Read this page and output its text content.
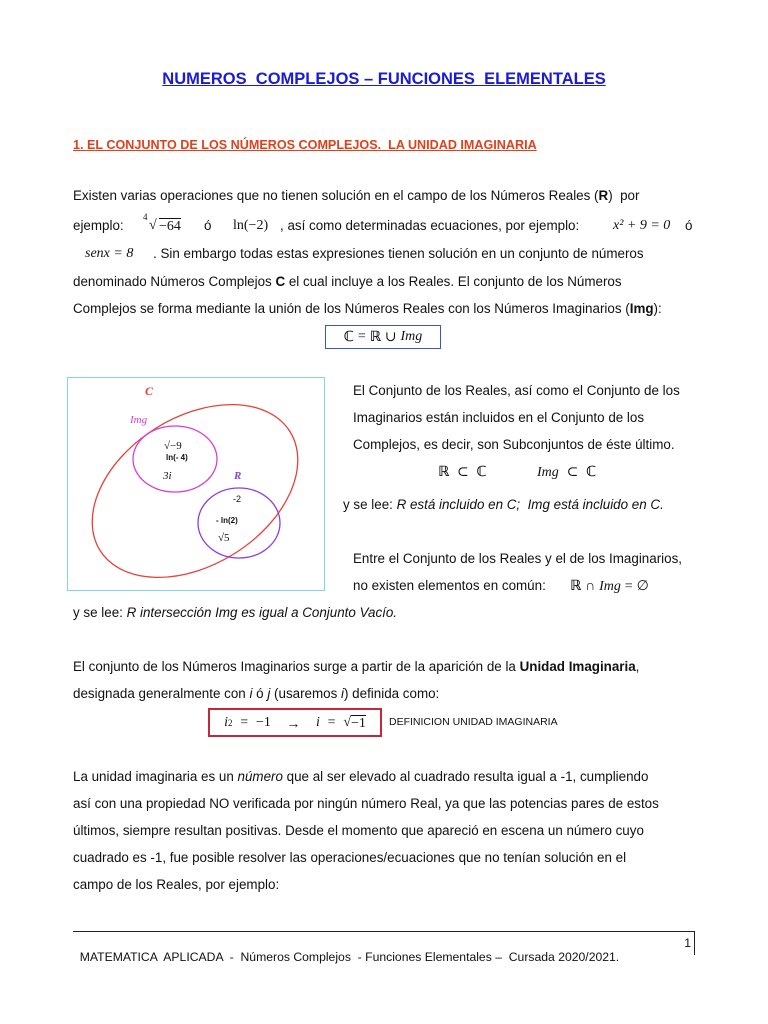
NUMEROS  COMPLEJOS – FUNCIONES  ELEMENTALES
1. EL CONJUNTO DE LOS NÚMEROS COMPLEJOS.  LA UNIDAD IMAGINARIA
Existen varias operaciones que no tienen solución en el campo de los Números Reales (R)  por

ejemplo:

4

√

−64

ó

ln(−2)

, así como determinadas ecuaciones, por ejemplo:

x² + 9 = 0

ó

senx = 8

. Sin embargo todas estas expresiones tienen solución en un conjunto de números

denominado Números Complejos C el cual incluye a los Reales. El conjunto de los Números
Complejos se forma mediante la unión de los Números Reales con los Números Imaginarios (Img):
ℂ
=
ℝ
∪
Img
C
Img
R
√−9
ln(- 4)
3i
-2
- ln(2)
√5
El Conjunto de los Reales, así como el Conjunto de los
Imaginarios están incluidos en el Conjunto de los
Complejos, es decir, son Subconjuntos de éste último.
ℝ ⊂ ℂ	Img ⊂ ℂ
y se lee: R está incluido en C;  Img está incluido en C.
Entre el Conjunto de los Reales y el de los Imaginarios,
no existen elementos en común: ℝ ∩ Img = ∅
y se lee: R intersección Img es igual a Conjunto Vacío.
El conjunto de los Números Imaginarios surge a partir de la aparición de la Unidad Imaginaria,
designada generalmente con i ó j (usaremos i) definida como:
i 2
=
−1
→
i
=
√ −1 DEFINICION UNIDAD IMAGINARIA
La unidad imaginaria es un número que al ser elevado al cuadrado resulta igual a -1, cumpliendo
así con una propiedad NO verificada por ningún número Real, ya que las potencias pares de estos
últimos, siempre resultan positivas. Desde el momento que apareció en escena un número cuyo
cuadrado es -1, fue posible resolver las operaciones/ecuaciones que no tenían solución en el
campo de los Reales, por ejemplo:

MATEMATICA  APLICADA  -  Números Complejos  - Funciones Elementales –  Cursada 2020/2021.

1
